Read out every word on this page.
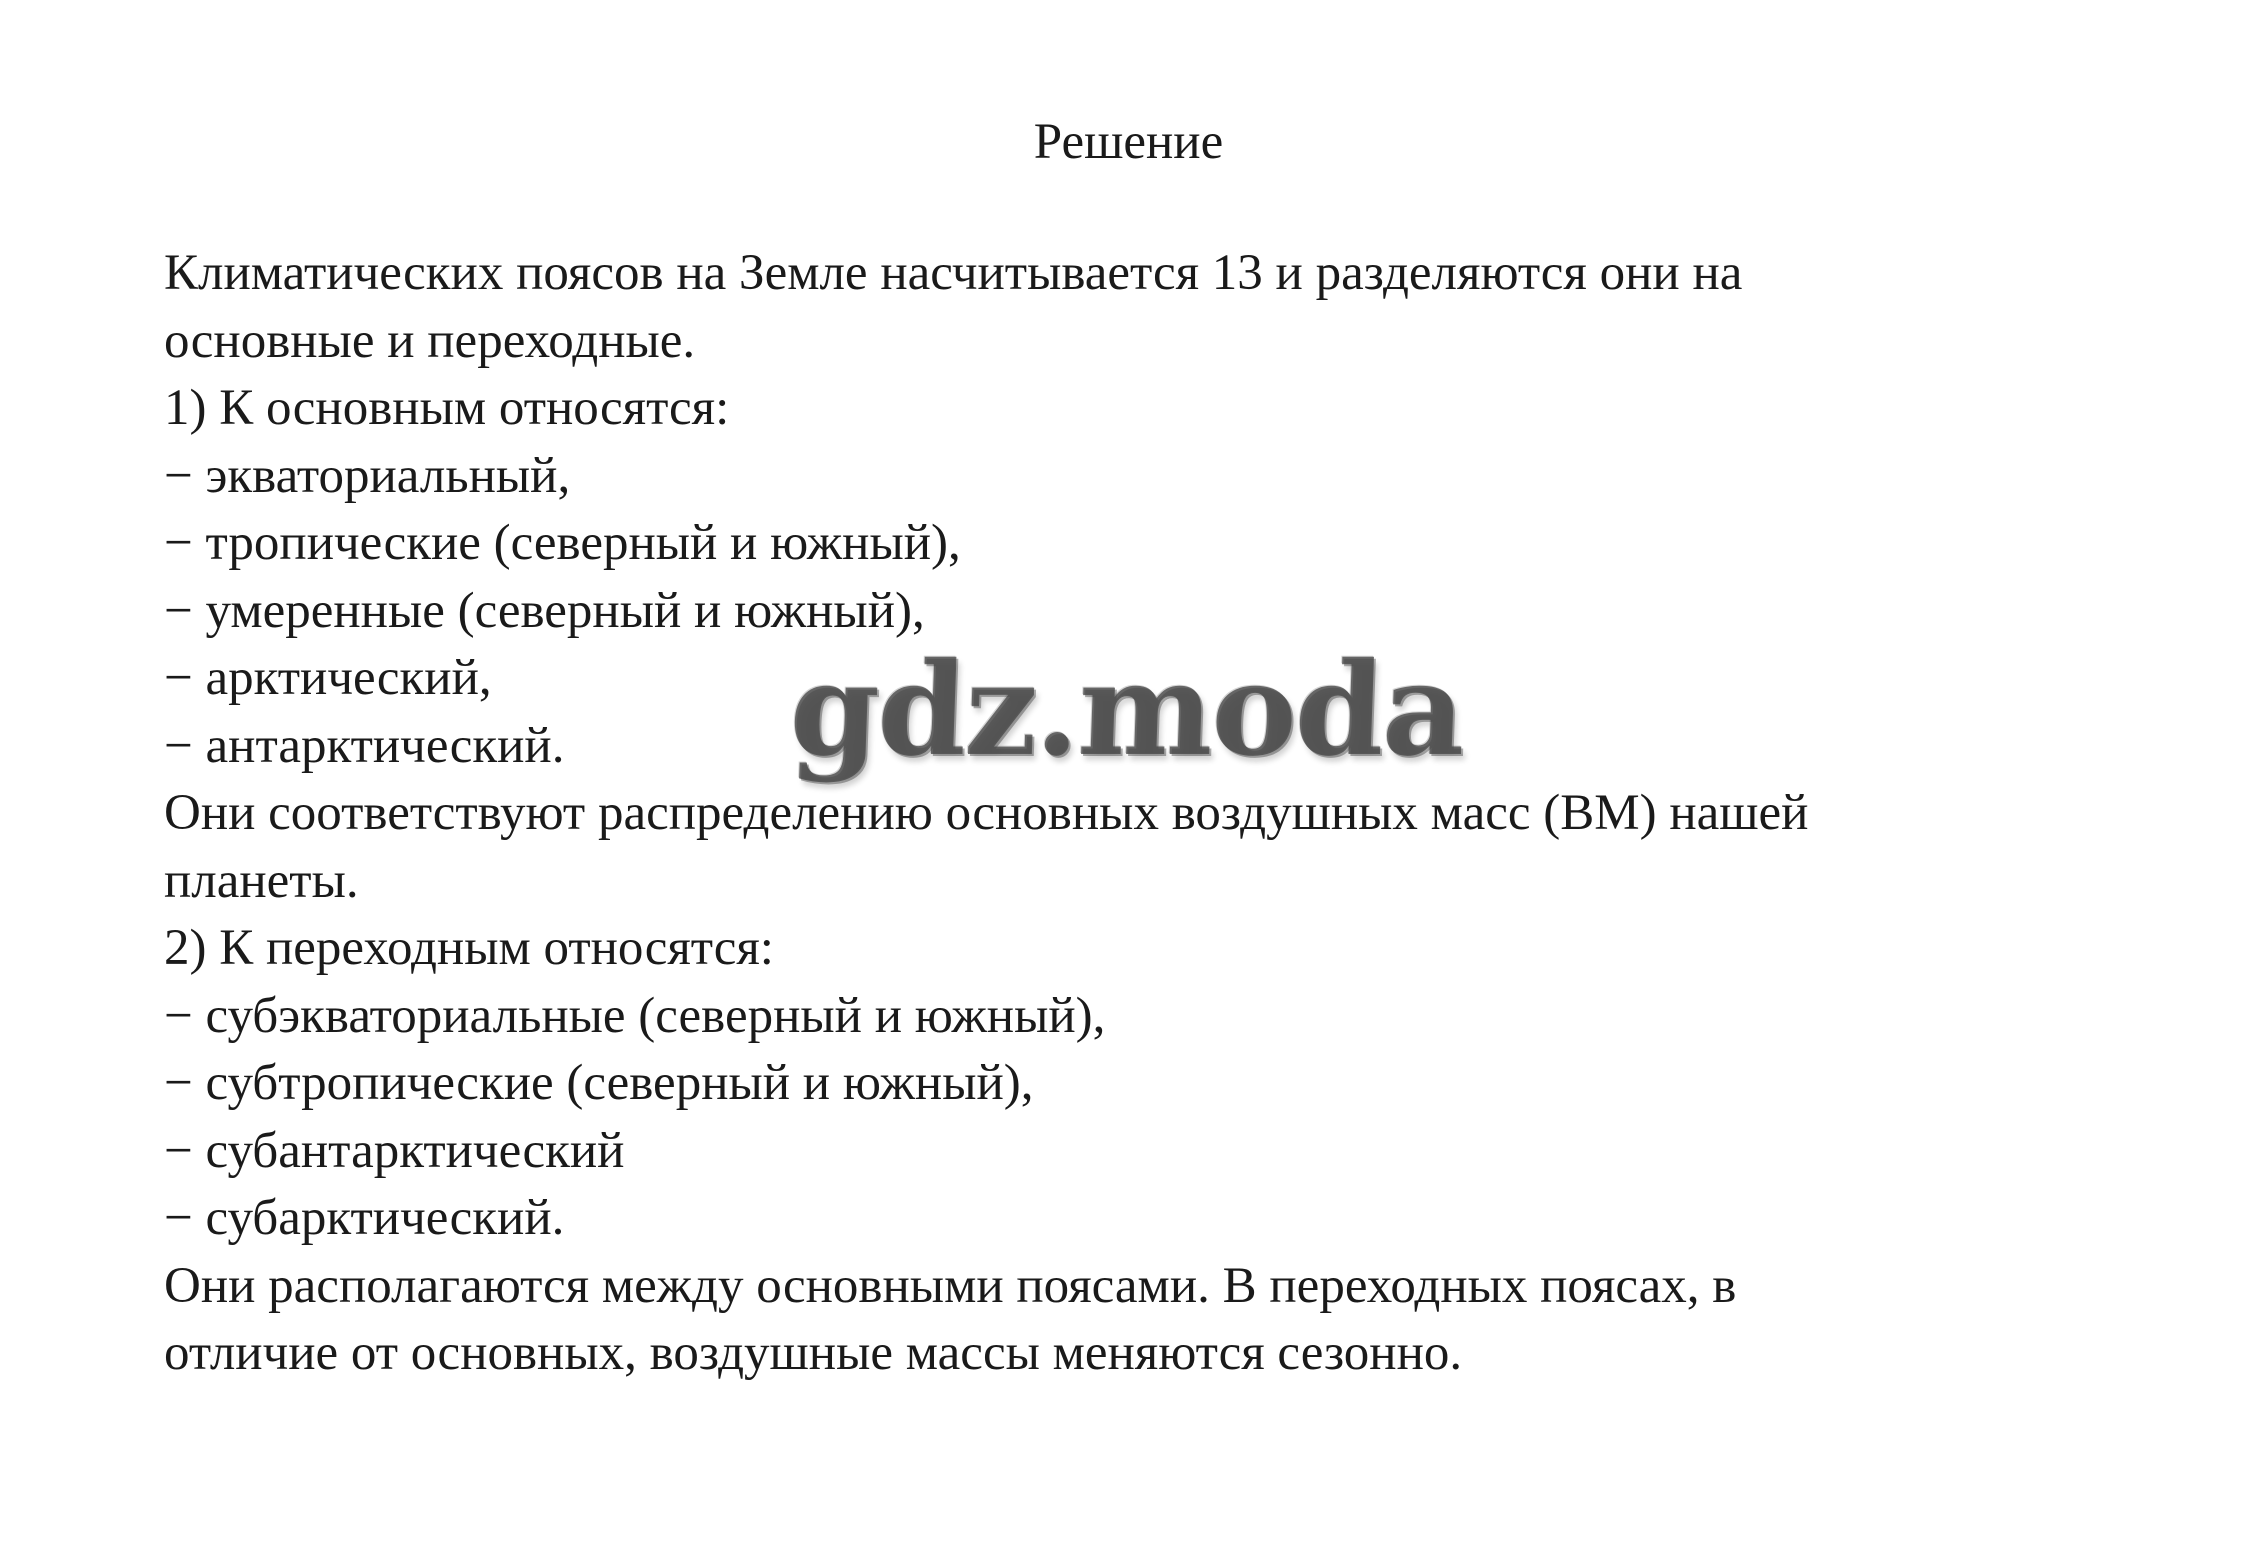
Решение
Климатических поясов на Земле насчитывается 13 и разделяются они на
основные и переходные.
1) К основным относятся:
− экваториальный,
− тропические (северный и южный),
− умеренные (северный и южный),
− арктический,
− антарктический.
Они соответствуют распределению основных воздушных масс (ВМ) нашей
планеты.
2) К переходным относятся:
− субэкваториальные (северный и южный),
− субтропические (северный и южный),
− субантарктический
− субарктический.
Они располагаются между основными поясами. В переходных поясах, в
отличие от основных, воздушные массы меняются сезонно.
gdz.moda
